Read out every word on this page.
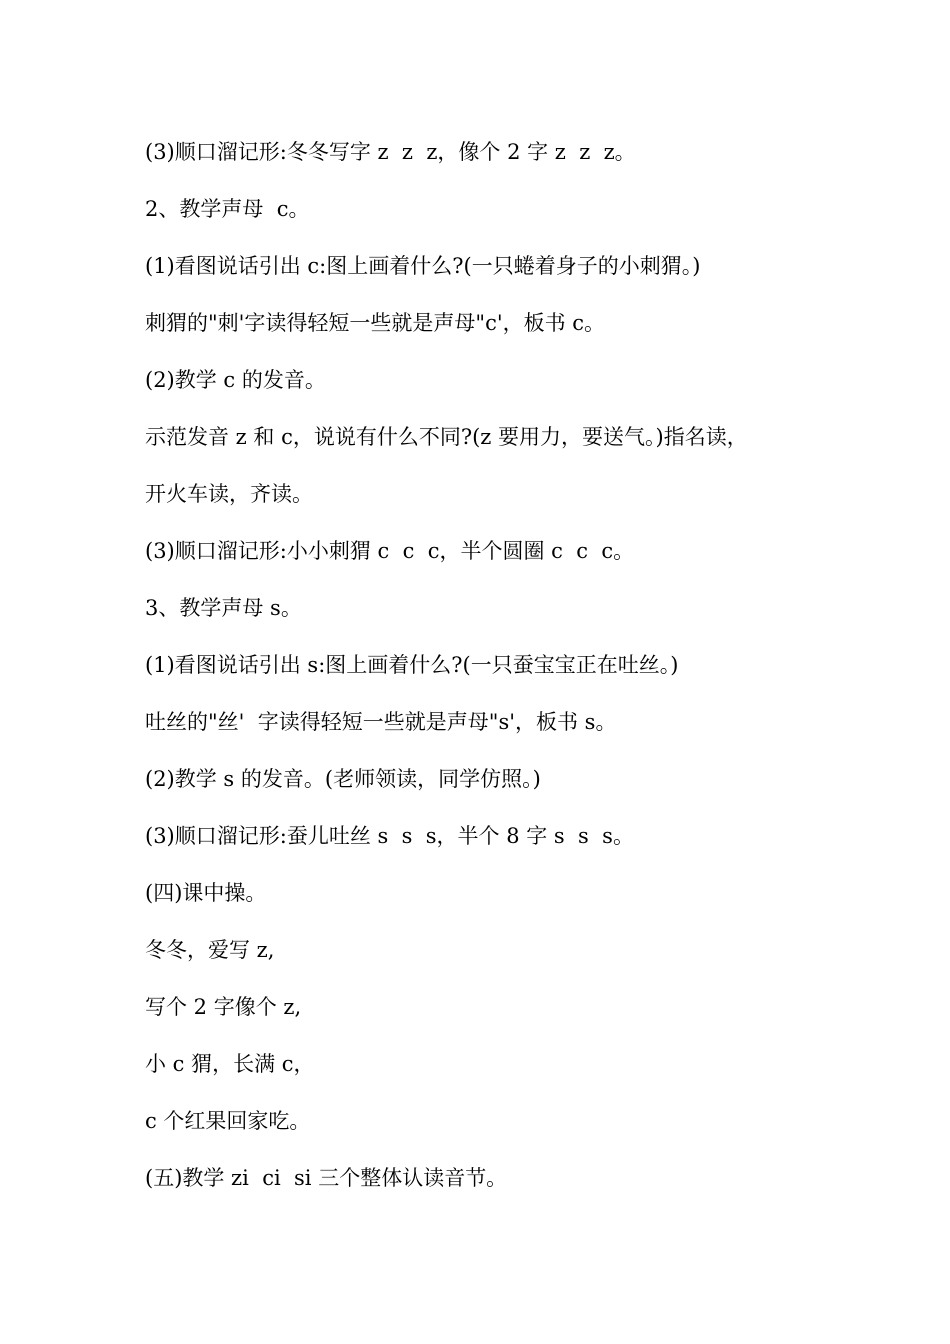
(3)顺口溜记形:冬冬写字 z  z  z，像个 2 字 z  z  z。
2、教学声母  c。
(1)看图说话引出 c:图上画着什么?(一只蜷着身子的小刺猬。)
刺猬的"刺'字读得轻短一些就是声母"c'，板书 c。
(2)教学 c 的发音。
示范发音 z 和 c，说说有什么不同?(z 要用力，要送气。)指名读，
开火车读，齐读。
(3)顺口溜记形:小小刺猬 c  c  c，半个圆圈 c  c  c。
3、教学声母 s。
(1)看图说话引出 s:图上画着什么?(一只蚕宝宝正在吐丝。)
吐丝的"丝'  字读得轻短一些就是声母"s'，板书 s。
(2)教学 s 的发音。(老师领读，同学仿照。)
(3)顺口溜记形:蚕儿吐丝 s  s  s，半个 8 字 s  s  s。
(四)课中操。
冬冬，爱写 z,
写个 2 字像个 z,
小 c 猬，长满 c，
c 个红果回家吃。
(五)教学 zi  ci  si 三个整体认读音节。
